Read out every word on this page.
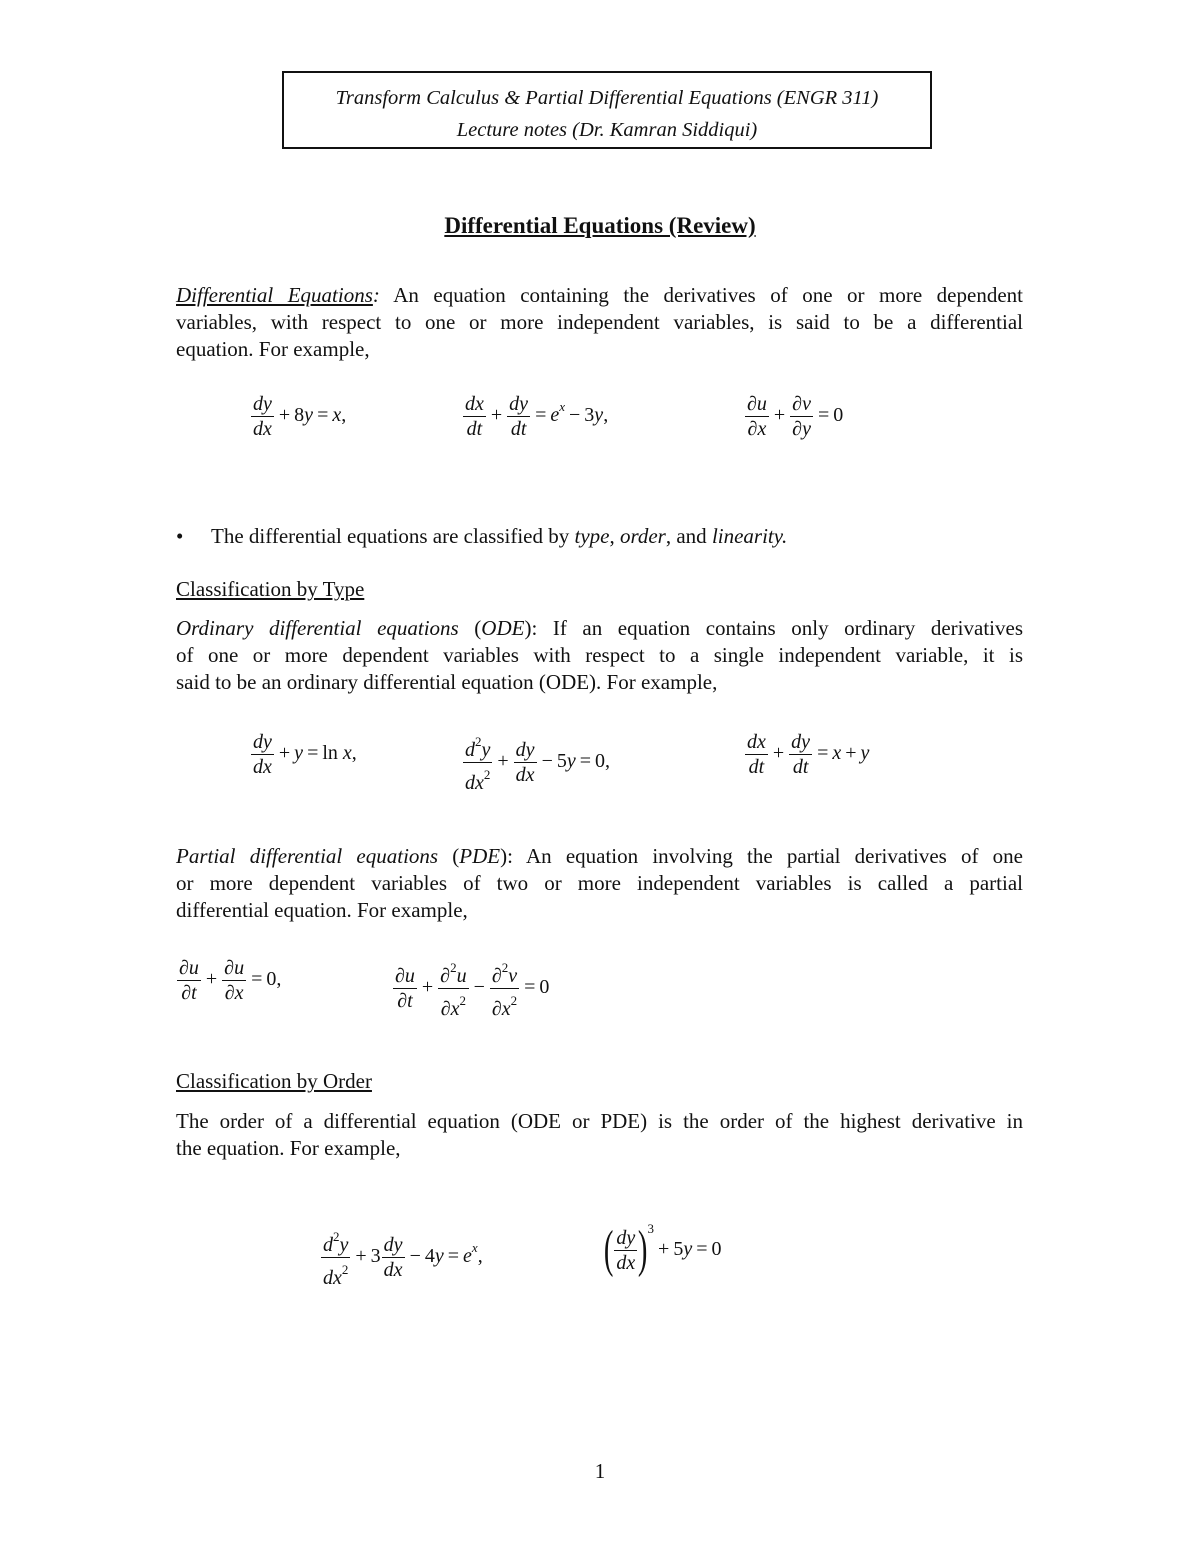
Transform Calculus & Partial Differential Equations (ENGR 311)
Lecture notes (Dr. Kamran Siddiqui)
Differential Equations (Review)
Differential Equations: An equation containing the derivatives of one or more dependent
variables, with respect to one or more independent variables, is said to be a differential
equation. For example,
$\frac{dy}{dx} + 8y = x$,	$\frac{dx}{dt} + \frac{dy}{dt} = e^x - 3y$,	$\frac{\partial u}{\partial x} + \frac{\partial v}{\partial y} = 0$
• The differential equations are classified by type, order, and linearity.
Classification by Type
Ordinary differential equations (ODE): If an equation contains only ordinary derivatives
of one or more dependent variables with respect to a single independent variable, it is
said to be an ordinary differential equation (ODE). For example,
$\frac{dy}{dx} + y = \ln x$,	$\frac{d^2y}{dx^2} + \frac{dy}{dx} - 5y = 0$,	$\frac{dx}{dt} + \frac{dy}{dt} = x + y$
Partial differential equations (PDE): An equation involving the partial derivatives of one
or more dependent variables of two or more independent variables is called a partial
differential equation. For example,
$\frac{\partial u}{\partial t} + \frac{\partial u}{\partial x} = 0$,	$\frac{\partial u}{\partial t} + \frac{\partial^2u}{\partial x^2} - \frac{\partial^2v}{\partial x^2} = 0$
Classification by Order
The order of a differential equation (ODE or PDE) is the order of the highest derivative in
the equation. For example,
$\frac{d^2y}{dx^2} + 3 \frac{dy}{dx} - 4y = e^x$, ( $\frac{dy}{dx} )^3+ 5y = 0$
1
